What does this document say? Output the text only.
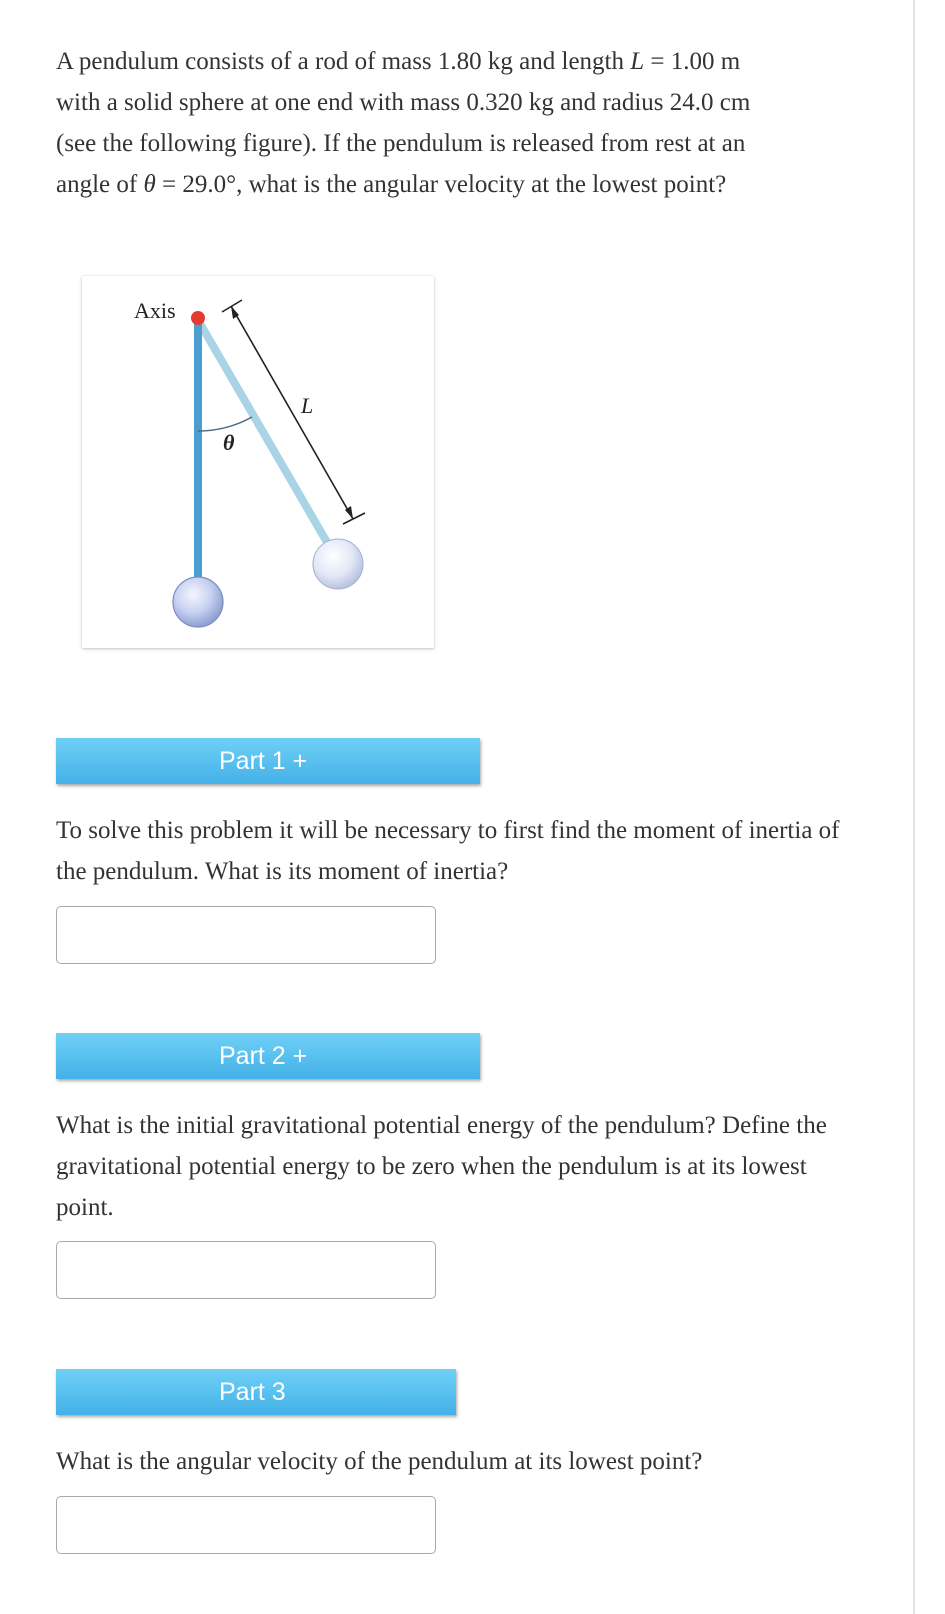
A pendulum consists of a rod of mass 1.80 kg and length L = 1.00 m
with a solid sphere at one end with mass 0.320 kg and radius 24.0 cm
(see the following figure). If the pendulum is released from rest at an
angle of θ = 29.0°, what is the angular velocity at the lowest point?
Axis
L
θ
Part 1 +
To solve this problem it will be necessary to first find the moment of inertia of the pendulum. What is its moment of inertia?
Part 2 +
What is the initial gravitational potential energy of the pendulum? Define the gravitational potential energy to be zero when the pendulum is at its lowest point.
Part 3
What is the angular velocity of the pendulum at its lowest point?
